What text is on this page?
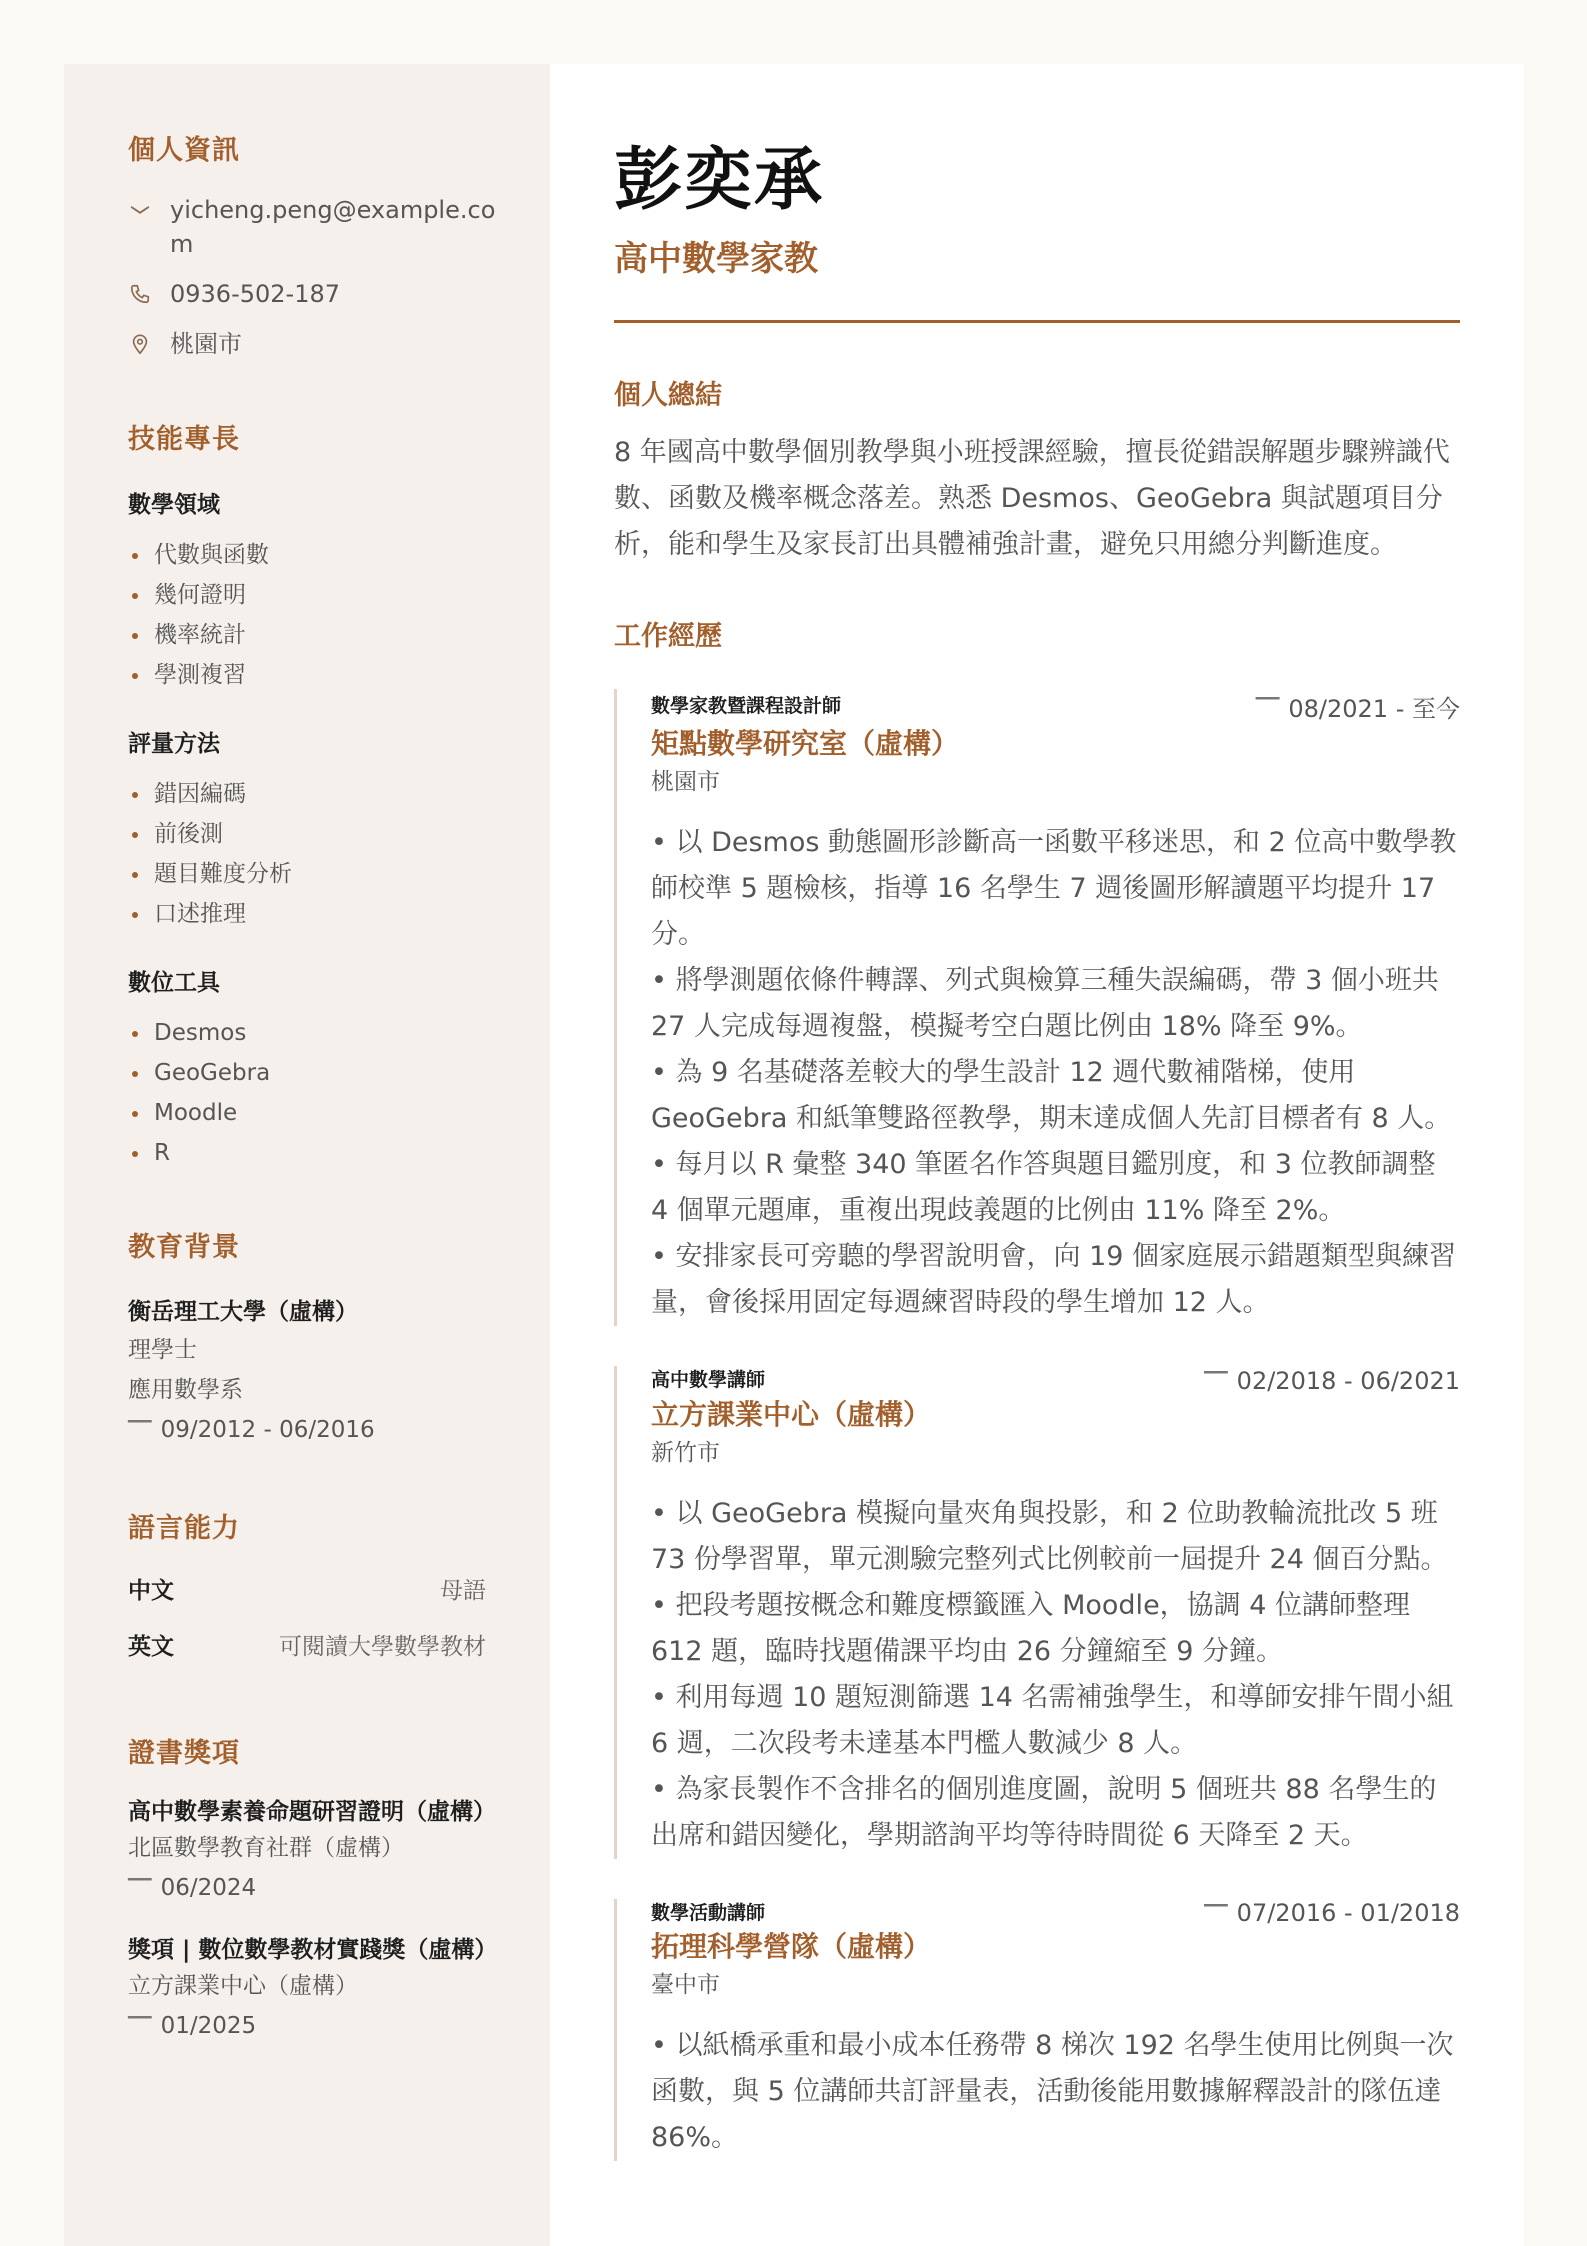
個人資訊
yicheng.peng@example.co
m
0936-502-187
桃園市
技能專長
數學領域
代數與函數
幾何證明
機率統計
學測複習
評量方法
錯因編碼
前後測
題目難度分析
口述推理
數位工具
Desmos
GeoGebra
Moodle
R
教育背景
衡岳理工大學（虛構）
理學士
應用數學系
▔▔ 09/2012 - 06/2016
語言能力
中文	母語
英文	可閱讀大學數學教材
證書獎項
高中數學素養命題研習證明（虛構）
北區數學教育社群（虛構）
▔▔ 06/2024
獎項 | 數位數學教材實踐獎（虛構）
立方課業中心（虛構）
▔▔ 01/2025
彭奕承
高中數學家教
個人總結

8 年國高中數學個別教學與小班授課經驗，擅長從錯誤解題步驟辨識代數、函數及機率概念落差。熟悉 Desmos、GeoGebra 與試題項目分析，能和學生及家長訂出具體補強計畫，避免只用總分判斷進度。

工作經歷
數學家教暨課程設計師	▔▔ 08/2021 - 至今
矩點數學研究室（虛構）
桃園市

• 以 Desmos 動態圖形診斷高一函數平移迷思，和 2 位高中數學教師校準 5 題檢核，指導 16 名學生 7 週後圖形解讀題平均提升 17 分。

• 將學測題依條件轉譯、列式與檢算三種失誤編碼，帶 3 個小班共 27 人完成每週複盤，模擬考空白題比例由 18% 降至 9%。

• 為 9 名基礎落差較大的學生設計 12 週代數補階梯，使用 GeoGebra 和紙筆雙路徑教學，期末達成個人先訂目標者有 8 人。

• 每月以 R 彙整 340 筆匿名作答與題目鑑別度，和 3 位教師調整 4 個單元題庫，重複出現歧義題的比例由 11% 降至 2%。

• 安排家長可旁聽的學習說明會，向 19 個家庭展示錯題類型與練習量，會後採用固定每週練習時段的學生增加 12 人。

高中數學講師	▔▔ 02/2018 - 06/2021
立方課業中心（虛構）
新竹市

• 以 GeoGebra 模擬向量夾角與投影，和 2 位助教輪流批改 5 班 73 份學習單，單元測驗完整列式比例較前一屆提升 24 個百分點。

• 把段考題按概念和難度標籤匯入 Moodle，協調 4 位講師整理 612 題，臨時找題備課平均由 26 分鐘縮至 9 分鐘。

• 利用每週 10 題短測篩選 14 名需補強學生，和導師安排午間小組 6 週，二次段考未達基本門檻人數減少 8 人。

• 為家長製作不含排名的個別進度圖，說明 5 個班共 88 名學生的出席和錯因變化，學期諮詢平均等待時間從 6 天降至 2 天。

數學活動講師	▔▔ 07/2016 - 01/2018
拓理科學營隊（虛構）
臺中市

• 以紙橋承重和最小成本任務帶 8 梯次 192 名學生使用比例與一次函數，與 5 位講師共訂評量表，活動後能用數據解釋設計的隊伍達 86%。
